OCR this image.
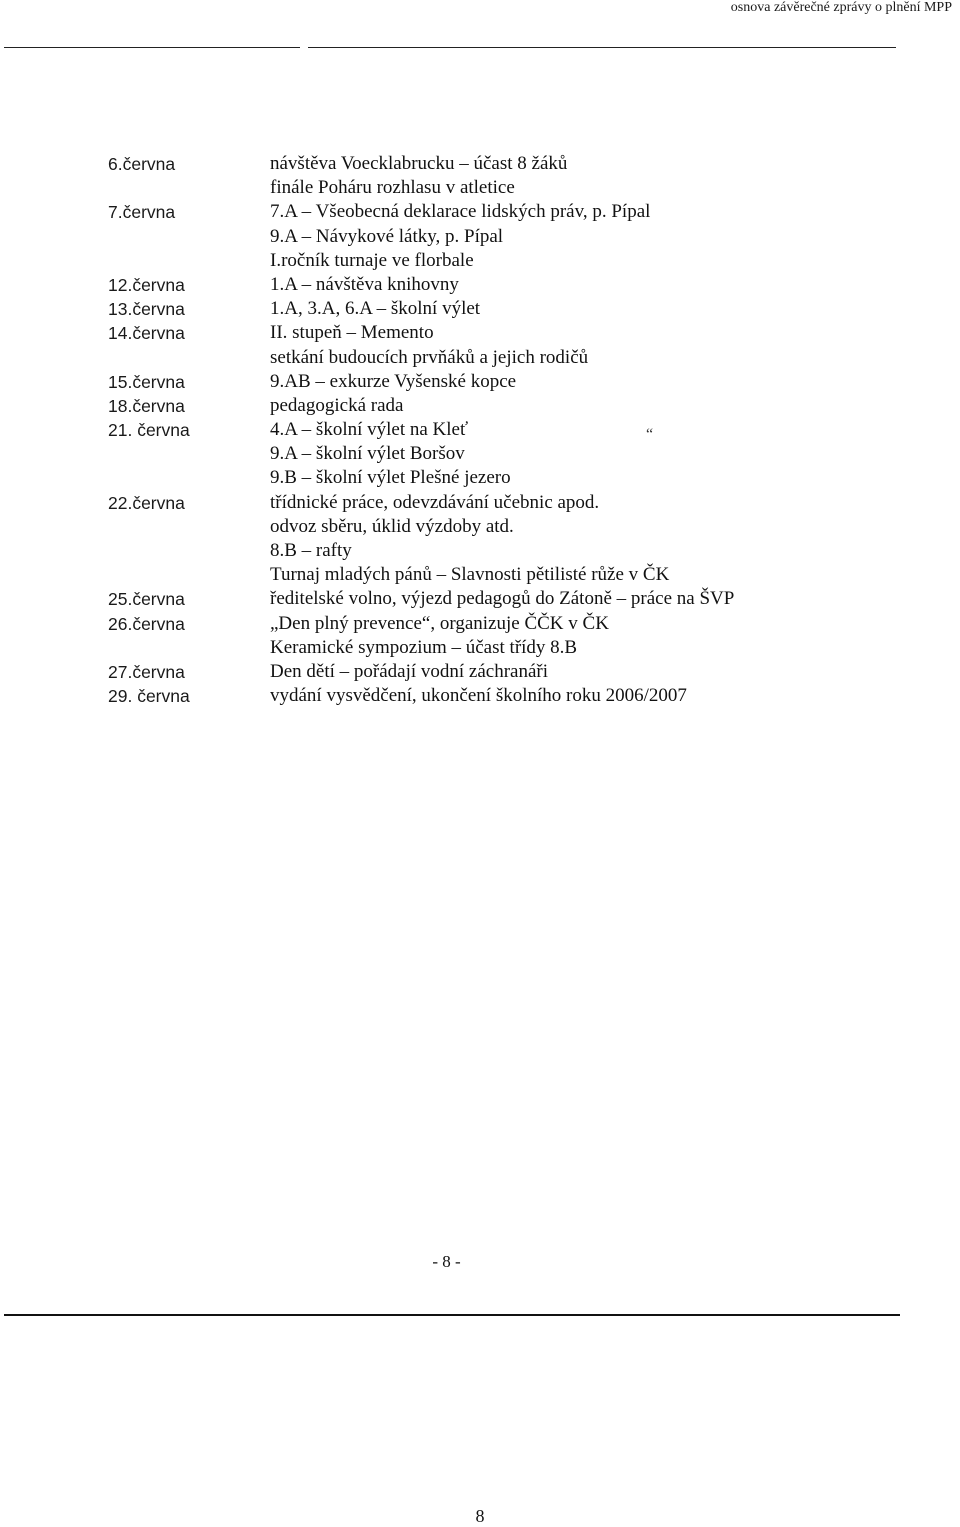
osnova závěrečné zprávy o plnění MPP
6.června	návštěva Voecklabrucku – účast 8 žáků
finále Poháru rozhlasu v atletice
7.června	7.A – Všeobecná deklarace lidských práv, p. Pípal
9.A – Návykové látky, p. Pípal
I.ročník turnaje ve florbale
12.června	1.A – návštěva knihovny
13.června	1.A, 3.A, 6.A – školní výlet
14.června	II. stupeň – Memento
setkání budoucích prvňáků a jejich rodičů
15.června	9.AB – exkurze Vyšenské kopce
18.června	pedagogická rada
21. června	4.A – školní výlet na Kleť
9.A – školní výlet Boršov
9.B – školní výlet Plešné jezero
22.června	třídnické práce, odevzdávání učebnic apod.
odvoz sběru, úklid výzdoby atd.
8.B – rafty
Turnaj mladých pánů – Slavnosti pětilisté růže v ČK
25.června	ředitelské volno, výjezd pedagogů do Zátoně – práce na ŠVP
26.června	„Den plný prevence“, organizuje ČČK v ČK
Keramické sympozium – účast třídy 8.B
27.června	Den dětí – pořádají vodní záchranáři
29. června	vydání vysvědčení, ukončení školního roku 2006/2007
“
- 8 -
8
